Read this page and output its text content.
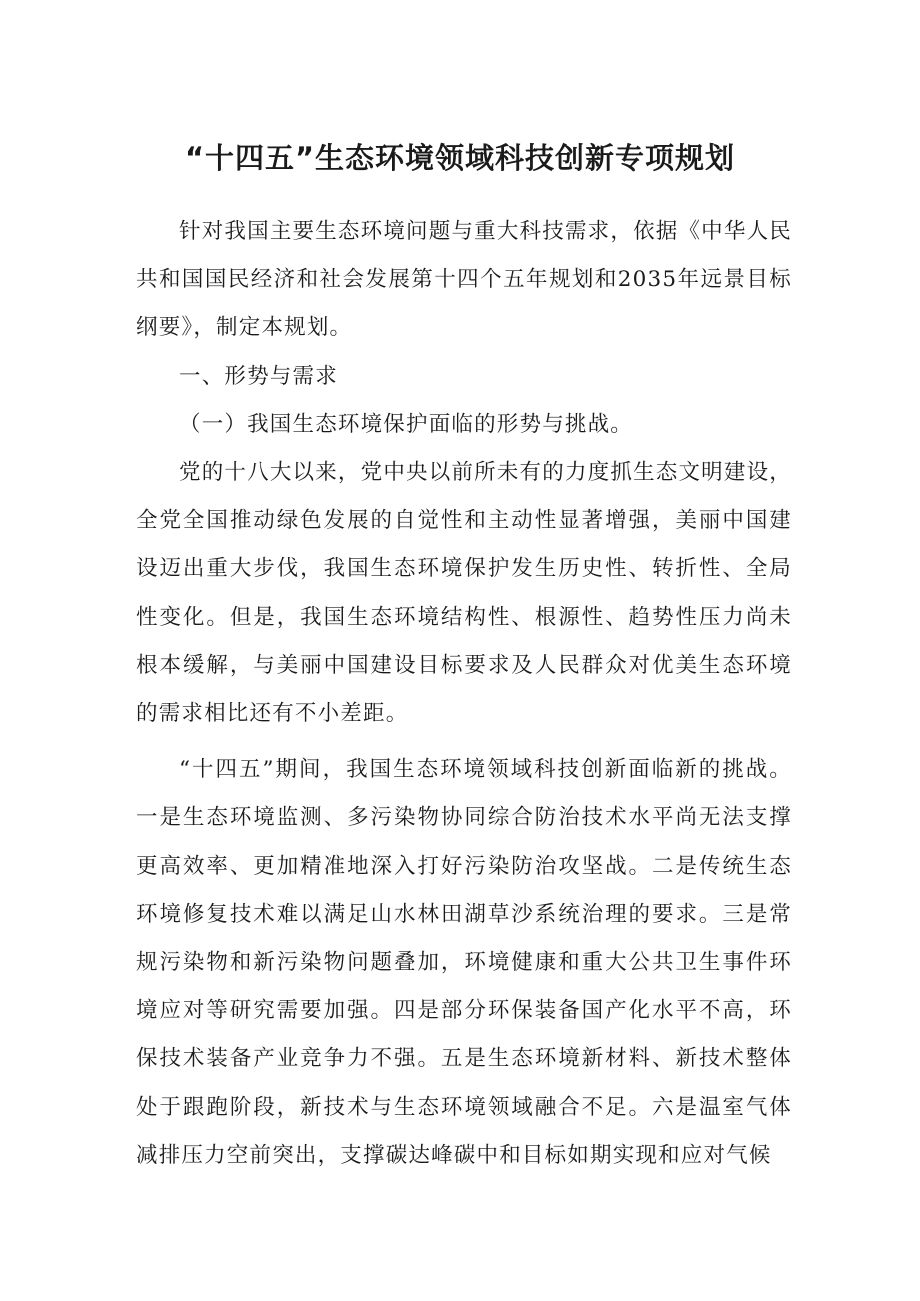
“十四五”生态环境领域科技创新专项规划

针对我国主要生态环境问题与重大科技需求，依据《中华人民共和国国民经济和社会发展第十四个五年规划和2035年远景目标纲要》，制定本规划。

一、形势与需求

（一）我国生态环境保护面临的形势与挑战。

党的十八大以来，党中央以前所未有的力度抓生态文明建设，全党全国推动绿色发展的自觉性和主动性显著增强，美丽中国建设迈出重大步伐，我国生态环境保护发生历史性、转折性、全局性变化。但是，我国生态环境结构性、根源性、趋势性压力尚未根本缓解，与美丽中国建设目标要求及人民群众对优美生态环境的需求相比还有不小差距。

“十四五”期间，我国生态环境领域科技创新面临新的挑战。一是生态环境监测、多污染物协同综合防治技术水平尚无法支撑更高效率、更加精准地深入打好污染防治攻坚战。二是传统生态环境修复技术难以满足山水林田湖草沙系统治理的要求。三是常规污染物和新污染物问题叠加，环境健康和重大公共卫生事件环境应对等研究需要加强。四是部分环保装备国产化水平不高，环保技术装备产业竞争力不强。五是生态环境新材料、新技术整体处于跟跑阶段，新技术与生态环境领域融合不足。六是温室气体减排压力空前突出，支撑碳达峰碳中和目标如期实现和应对气候
